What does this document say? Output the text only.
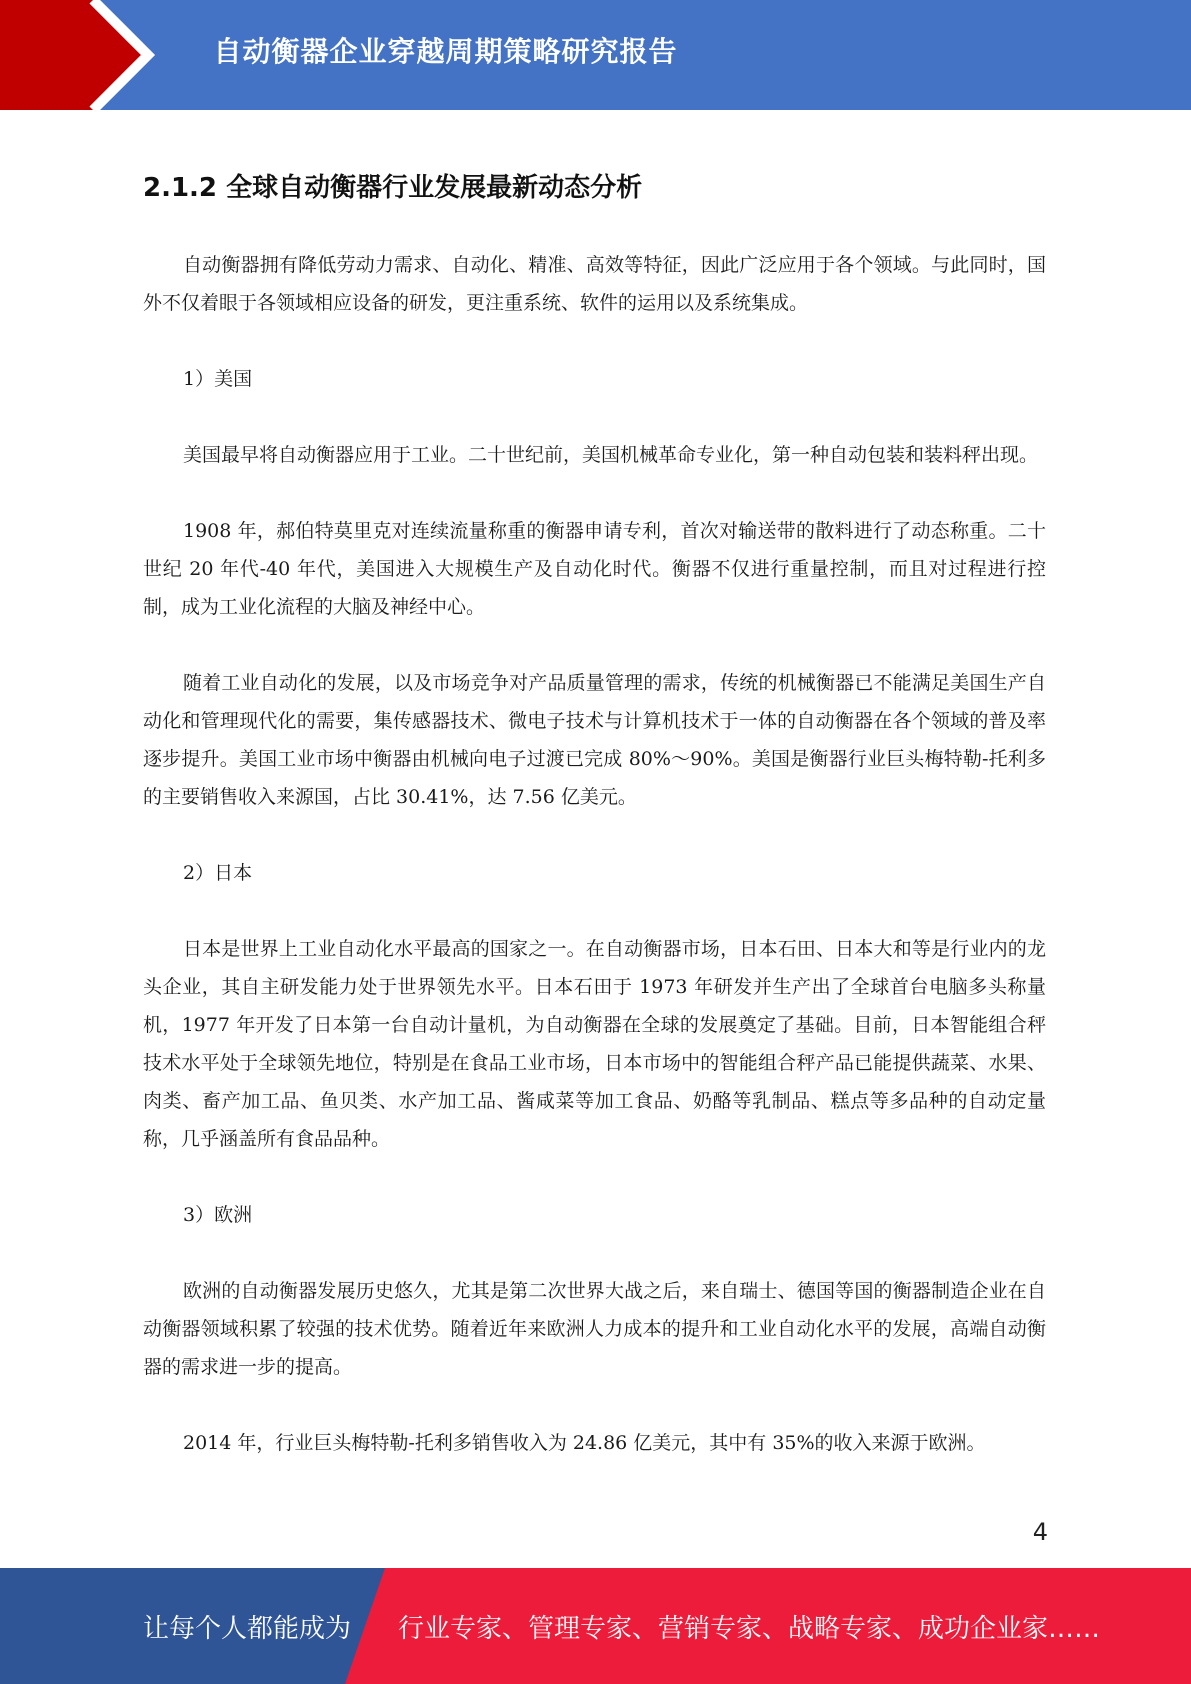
自动衡器企业穿越周期策略研究报告
2.1.2 全球自动衡器行业发展最新动态分析

自动衡器拥有降低劳动力需求、自动化、精准、高效等特征，因此广泛应用于各个领域。与此同时，国外不仅着眼于各领域相应设备的研发，更注重系统、软件的运用以及系统集成。

1）美国

美国最早将自动衡器应用于工业。二十世纪前，美国机械革命专业化，第一种自动包装和装料秤出现。

1908 年，郝伯特莫里克对连续流量称重的衡器申请专利，首次对输送带的散料进行了动态称重。二十世纪 20 年代-40 年代，美国进入大规模生产及自动化时代。衡器不仅进行重量控制，而且对过程进行控制，成为工业化流程的大脑及神经中心。

随着工业自动化的发展，以及市场竞争对产品质量管理的需求，传统的机械衡器已不能满足美国生产自动化和管理现代化的需要，集传感器技术、微电子技术与计算机技术于一体的自动衡器在各个领域的普及率逐步提升。美国工业市场中衡器由机械向电子过渡已完成 80%～90%。美国是衡器行业巨头梅特勒-托利多的主要销售收入来源国，占比 30.41%，达 7.56 亿美元。

2）日本

日本是世界上工业自动化水平最高的国家之一。在自动衡器市场，日本石田、日本大和等是行业内的龙头企业，其自主研发能力处于世界领先水平。日本石田于 1973 年研发并生产出了全球首台电脑多头称量机，1977 年开发了日本第一台自动计量机，为自动衡器在全球的发展奠定了基础。目前，日本智能组合秤技术水平处于全球领先地位，特别是在食品工业市场，日本市场中的智能组合秤产品已能提供蔬菜、水果、肉类、畜产加工品、鱼贝类、水产加工品、酱咸菜等加工食品、奶酪等乳制品、糕点等多品种的自动定量称，几乎涵盖所有食品品种。

3）欧洲

欧洲的自动衡器发展历史悠久，尤其是第二次世界大战之后，来自瑞士、德国等国的衡器制造企业在自动衡器领域积累了较强的技术优势。随着近年来欧洲人力成本的提升和工业自动化水平的发展，高端自动衡器的需求进一步的提高。

2014 年，行业巨头梅特勒-托利多销售收入为 24.86 亿美元，其中有 35%的收入来源于欧洲。

4
让每个人都能成为 行业专家、管理专家、营销专家、战略专家、成功企业家……
